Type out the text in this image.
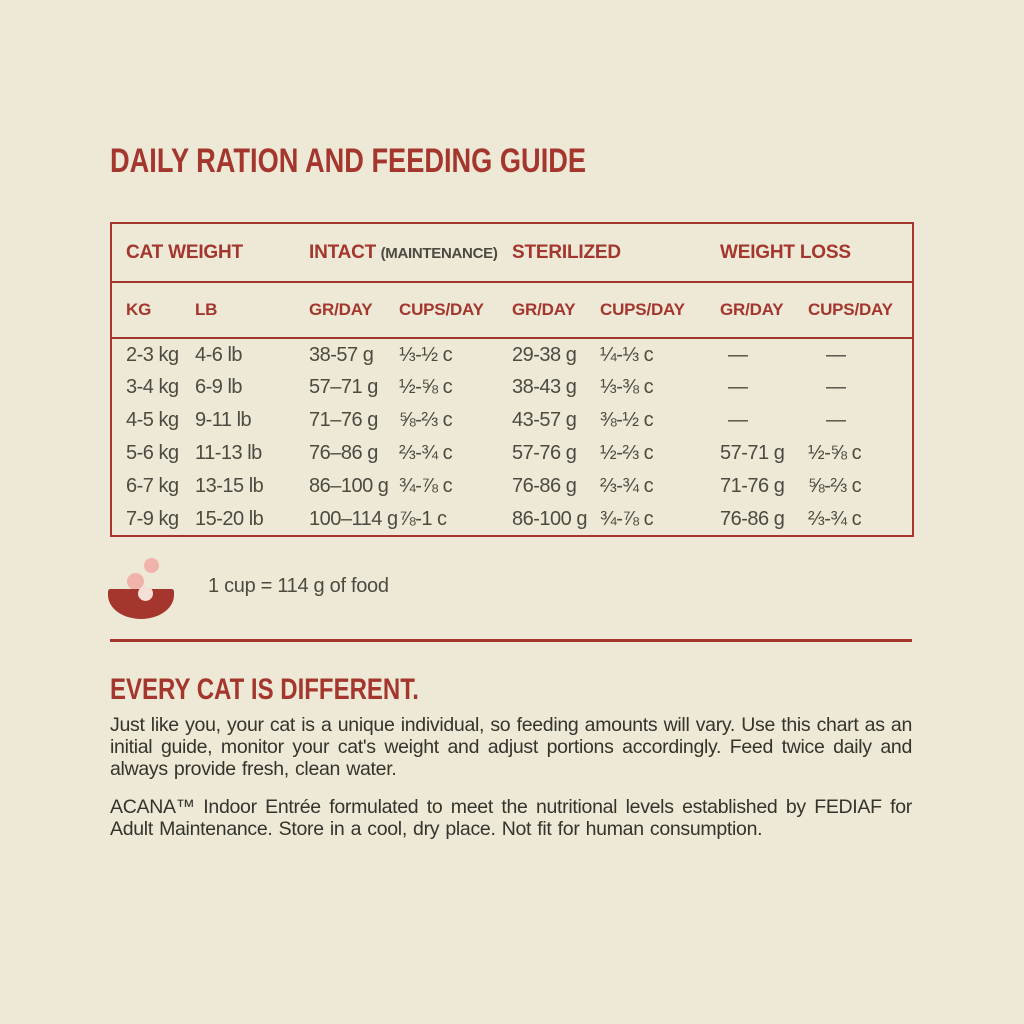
DAILY RATION AND FEEDING GUIDE
CAT WEIGHT		INTACT (MAINTENANCE)		STERILIZED		WEIGHT LOSS	
KG	LB	GR/DAY	CUPS/DAY	GR/DAY	CUPS/DAY	GR/DAY	CUPS/DAY
2-3 kg	4-6 lb	38-57 g	⅓-½ c	29-38 g	¼-⅓ c	—	—
3-4 kg	6-9 lb	57–71 g	½-⅝ c	38-43 g	⅓-⅜ c	—	—
4-5 kg	9-11 lb	71–76 g	⅝-⅔ c	43-57 g	⅜-½ c	—	—
5-6 kg	11-13 lb	76–86 g	⅔-¾ c	57-76 g	½-⅔ c	57-71 g	½-⅝ c
6-7 kg	13-15 lb	86–100 g	¾-⅞ c	76-86 g	⅔-¾ c	71-76 g	⅝-⅔ c
7-9 kg	15-20 lb	100–114 g	⅞-1 c	86-100 g	¾-⅞ c	76-86 g	⅔-¾ c
1 cup = 114 g of food
EVERY CAT IS DIFFERENT.

Just like you, your cat is a unique individual, so feeding amounts will vary. Use this chart as an initial guide, monitor your cat's weight and adjust portions accordingly. Feed twice daily and always provide fresh, clean water.

ACANA™ Indoor Entrée formulated to meet the nutritional levels established by FEDIAF for Adult Maintenance. Store in a cool, dry place. Not fit for human consumption.
